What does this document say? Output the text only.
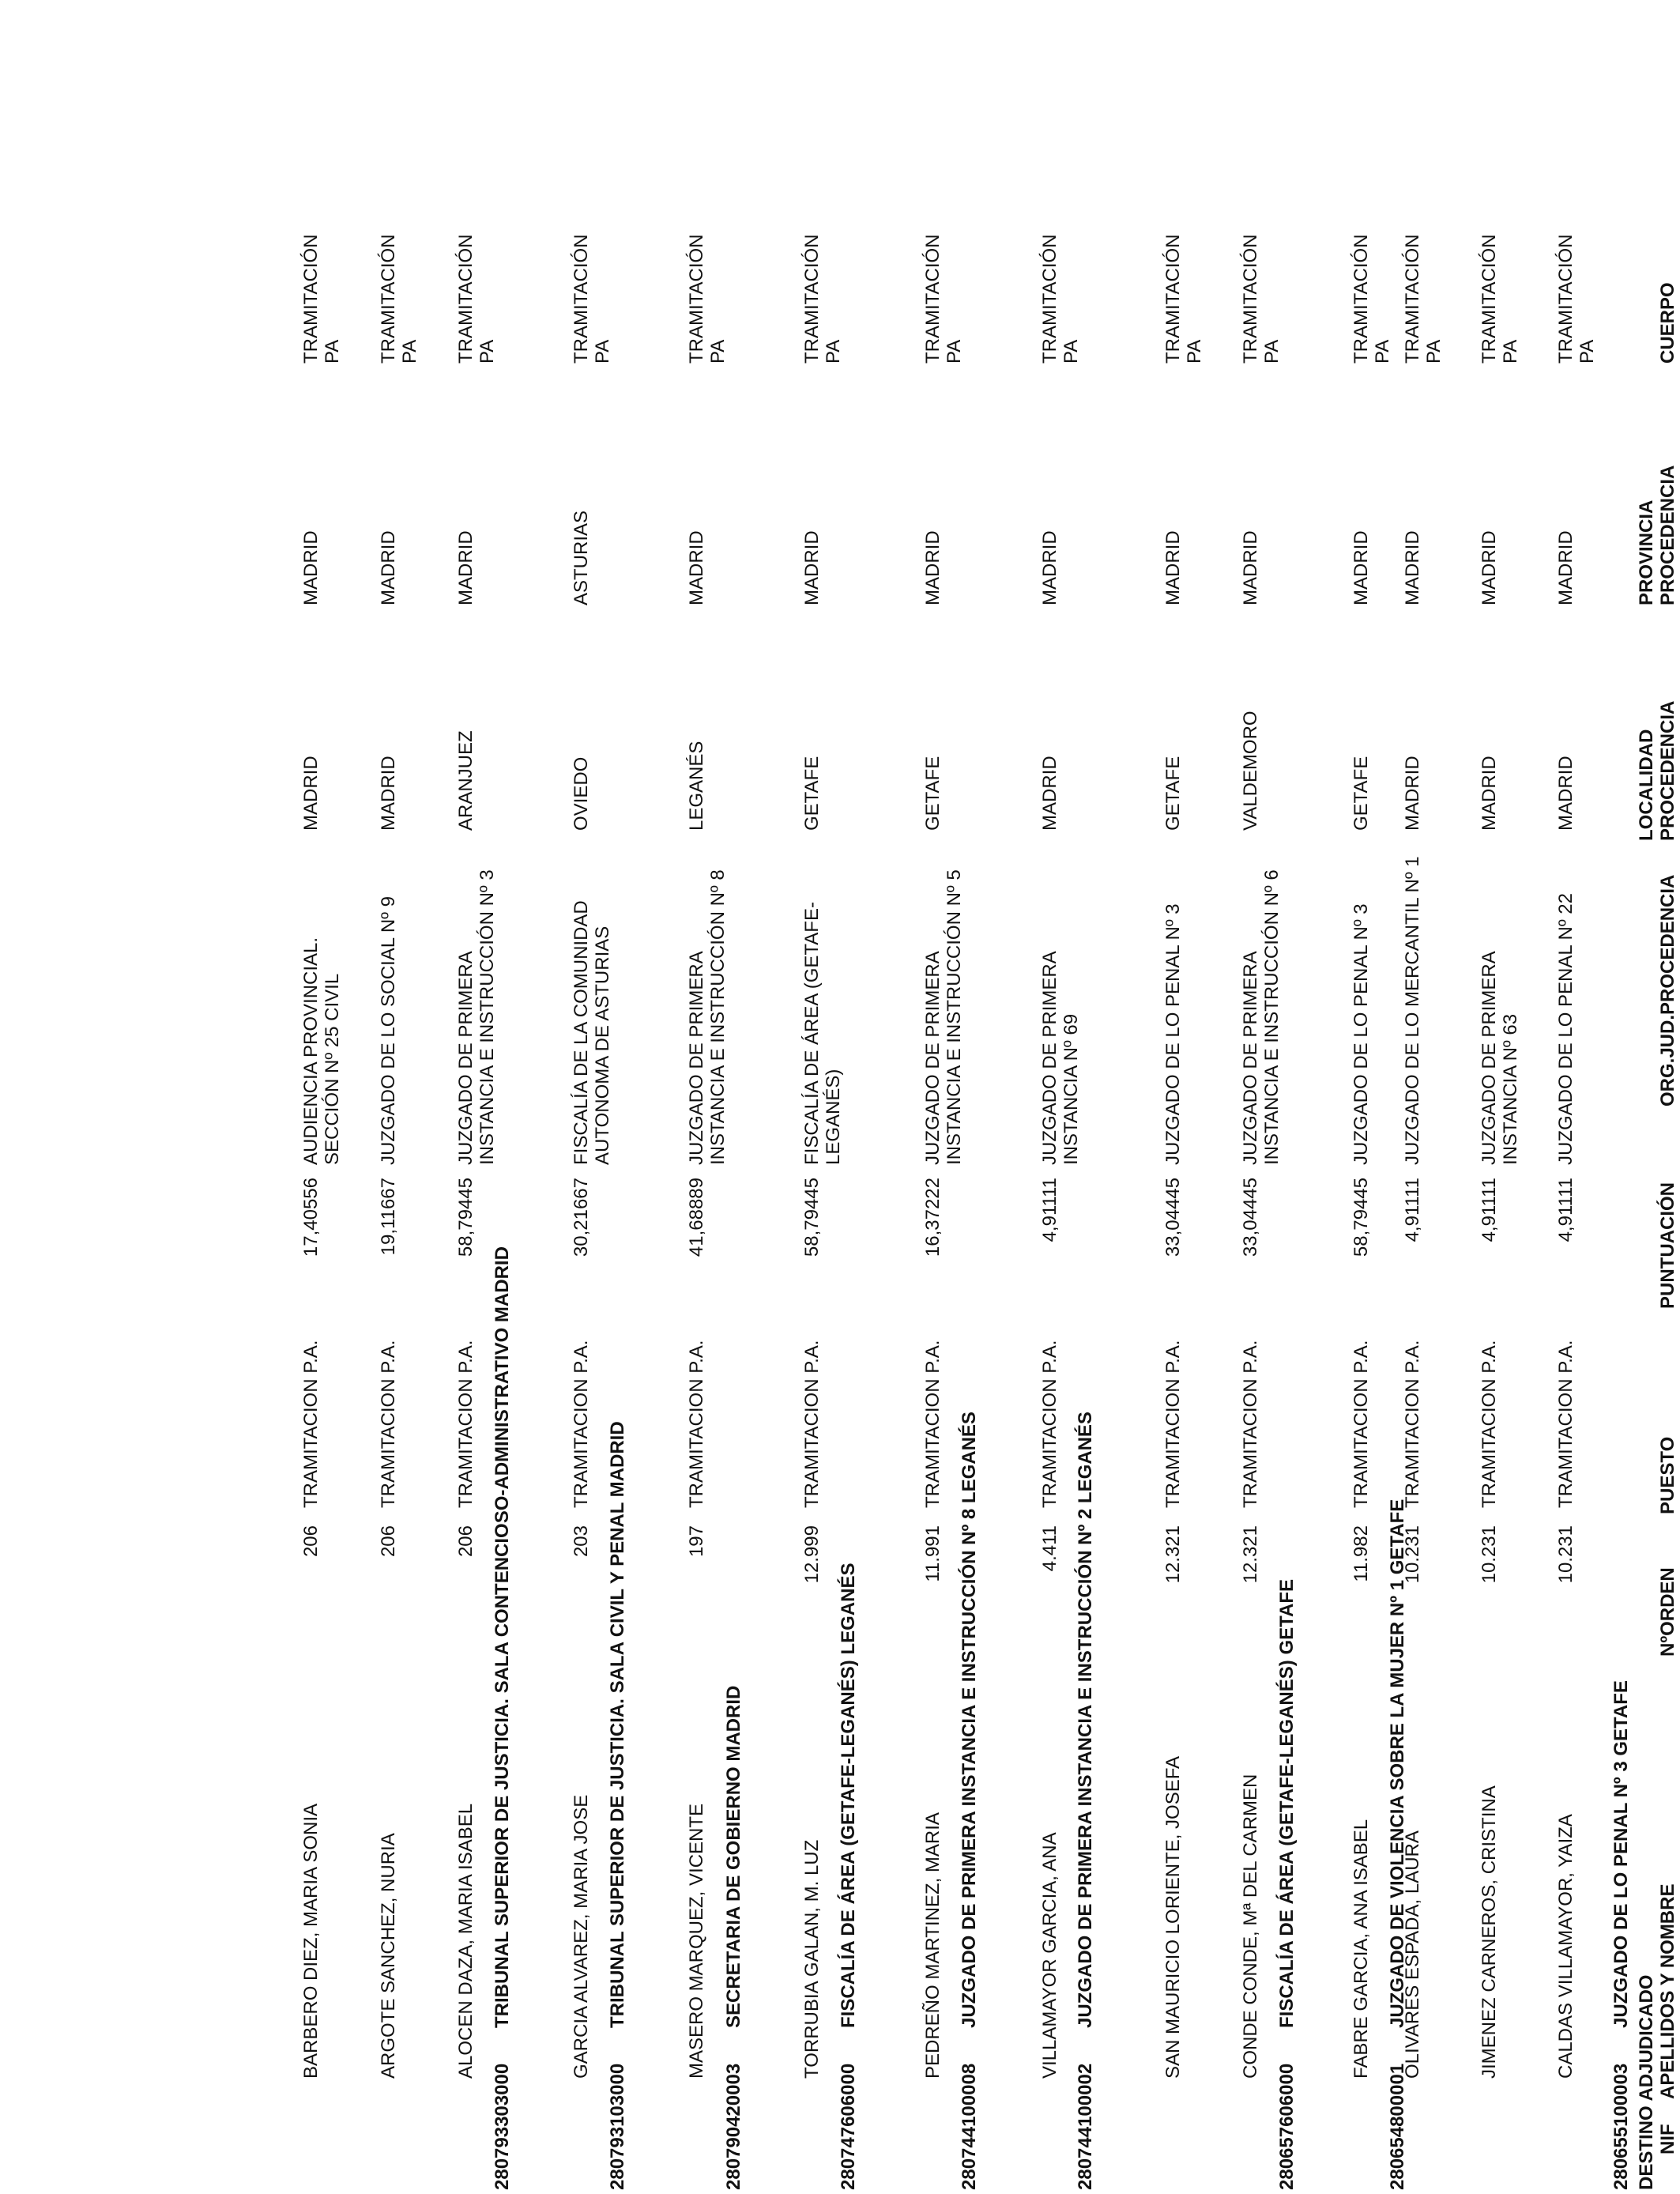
DESTINO ADJUDICADO NIF
APELLIDOS Y NOMBRE
NºORDEN
PUESTO
PUNTUACIÓN
ORG.JUD.PROCEDENCIA
LOCALIDAD PROCEDENCIA
PROVINCIA PROCEDENCIA
CUERPO
280655100003
JUZGADO DE LO PENAL Nº 3 GETAFE
CALDAS VILLAMAYOR, YAIZA
10.231
TRAMITACION P.A.
4,91111
JUZGADO DE LO PENAL Nº 22
MADRID
MADRID
TRAMITACIÓN PA
JIMENEZ CARNEROS, CRISTINA
10.231
TRAMITACION P.A.
4,91111
JUZGADO DE PRIMERA INSTANCIA Nº 63
MADRID
MADRID
TRAMITACIÓN PA
OLIVARES ESPADA, LAURA
10.231
TRAMITACION P.A.
4,91111
JUZGADO DE LO MERCANTIL Nº 1
MADRID
MADRID
TRAMITACIÓN PA
280654800001
JUZGADO DE VIOLENCIA SOBRE LA MUJER Nº 1 GETAFE
FABRE GARCIA, ANA ISABEL
11.982
TRAMITACION P.A.
58,79445
JUZGADO DE LO PENAL Nº 3
GETAFE
MADRID
TRAMITACIÓN PA
280657606000
FISCALÍA DE ÁREA (GETAFE-LEGANÉS) GETAFE
CONDE CONDE, Mª DEL CARMEN
12.321
TRAMITACION P.A.
33,04445
JUZGADO DE PRIMERA INSTANCIA E INSTRUCCIÓN Nº 6
VALDEMORO
MADRID
TRAMITACIÓN PA
SAN MAURICIO LORIENTE, JOSEFA
12.321
TRAMITACION P.A.
33,04445
JUZGADO DE LO PENAL Nº 3
GETAFE
MADRID
TRAMITACIÓN PA
280744100002
JUZGADO DE PRIMERA INSTANCIA E INSTRUCCIÓN Nº 2 LEGANÉS
VILLAMAYOR GARCIA, ANA
4.411
TRAMITACION P.A.
4,91111
JUZGADO DE PRIMERA INSTANCIA Nº 69
MADRID
MADRID
TRAMITACIÓN PA
280744100008
JUZGADO DE PRIMERA INSTANCIA E INSTRUCCIÓN Nº 8 LEGANÉS
PEDREÑO MARTINEZ, MARIA
11.991
TRAMITACION P.A.
16,37222
JUZGADO DE PRIMERA INSTANCIA E INSTRUCCIÓN Nº 5
GETAFE
MADRID
TRAMITACIÓN PA
280747606000
FISCALÍA DE ÁREA (GETAFE-LEGANÉS) LEGANÉS
TORRUBIA GALAN, M. LUZ
12.999
TRAMITACION P.A.
58,79445
FISCALÍA DE ÁREA (GETAFE-LEGANÉS)
GETAFE
MADRID
TRAMITACIÓN PA
280790420003
SECRETARIA DE GOBIERNO MADRID
MASERO MARQUEZ, VICENTE
197
TRAMITACION P.A.
41,68889
JUZGADO DE PRIMERA INSTANCIA E INSTRUCCIÓN Nº 8
LEGANÉS
MADRID
TRAMITACIÓN PA
280793103000
TRIBUNAL SUPERIOR DE JUSTICIA. SALA CIVIL Y PENAL MADRID
GARCIA ALVAREZ, MARIA JOSE
203
TRAMITACION P.A.
30,21667
FISCALÍA DE LA COMUNIDAD AUTONOMA DE ASTURIAS
OVIEDO
ASTURIAS
TRAMITACIÓN PA
280793303000
TRIBUNAL SUPERIOR DE JUSTICIA. SALA CONTENCIOSO-ADMINISTRATIVO MADRID
ALOCEN DAZA, MARIA ISABEL
206
TRAMITACION P.A.
58,79445
JUZGADO DE PRIMERA INSTANCIA E INSTRUCCIÓN Nº 3
ARANJUEZ
MADRID
TRAMITACIÓN PA
ARGOTE SANCHEZ, NURIA
206
TRAMITACION P.A.
19,11667
JUZGADO DE LO SOCIAL Nº 9
MADRID
MADRID
TRAMITACIÓN PA
BARBERO DIEZ, MARIA SONIA
206
TRAMITACION P.A.
17,40556
AUDIENCIA PROVINCIAL. SECCIÓN Nº 25 CIVIL
MADRID
MADRID
TRAMITACIÓN PA
